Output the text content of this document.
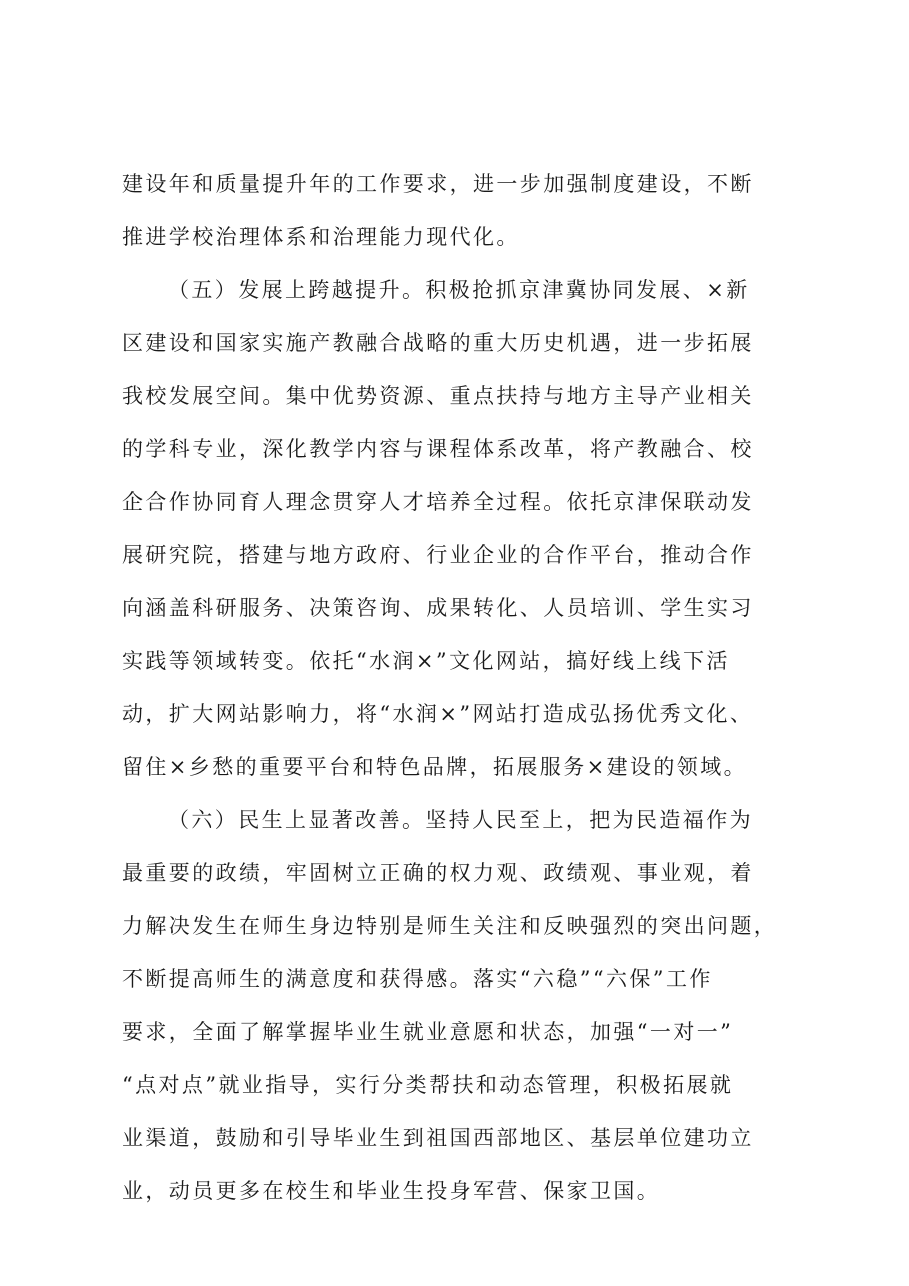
建设年和质量提升年的工作要求，进一步加强制度建设，不断
推进学校治理体系和治理能力现代化。
（五）发展上跨越提升。积极抢抓京津冀协同发展、×新
区建设和国家实施产教融合战略的重大历史机遇，进一步拓展
我校发展空间。集中优势资源、重点扶持与地方主导产业相关
的学科专业，深化教学内容与课程体系改革，将产教融合、校
企合作协同育人理念贯穿人才培养全过程。依托京津保联动发
展研究院，搭建与地方政府、行业企业的合作平台，推动合作
向涵盖科研服务、决策咨询、成果转化、人员培训、学生实习
实践等领域转变。依托“水润×”文化网站，搞好线上线下活
动，扩大网站影响力，将“水润×”网站打造成弘扬优秀文化、
留住×乡愁的重要平台和特色品牌，拓展服务×建设的领域。
（六）民生上显著改善。坚持人民至上，把为民造福作为
最重要的政绩，牢固树立正确的权力观、政绩观、事业观，着
力解决发生在师生身边特别是师生关注和反映强烈的突出问题，
不断提高师生的满意度和获得感。落实“六稳”“六保”工作
要求，全面了解掌握毕业生就业意愿和状态，加强“一对一”
“点对点”就业指导，实行分类帮扶和动态管理，积极拓展就
业渠道，鼓励和引导毕业生到祖国西部地区、基层单位建功立
业，动员更多在校生和毕业生投身军营、保家卫国。
